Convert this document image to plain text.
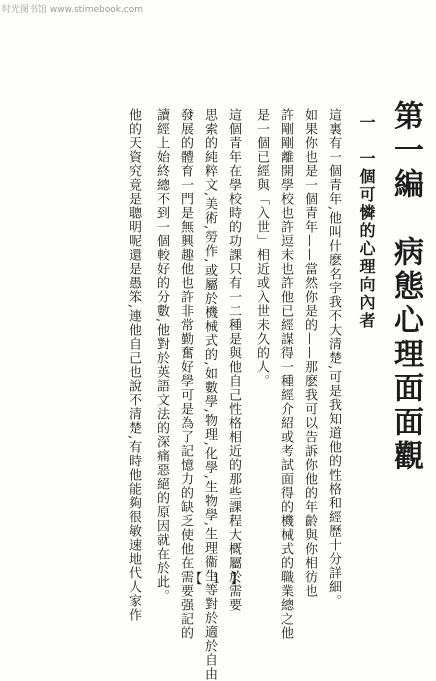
时光图书馆 www.stimebook.com
第一編　病態心理面面觀
一　一個可憐的心理向內者
這裏有一個青年,他叫什麽名字我不大清楚,可是我知道他的性格和經歷十分詳細。
如果你也是一個青年——當然你是的——那麽我可以告訴你他的年齡與你相彷也
許剛剛離開學校也許逗末也許他已經謀得一種經介紹或考試面得的機械式的職業總之他
是一個已經與「入世」相近或入世未久的人。
這個青年在學校時的功課只有一二種是與他自己性格相近的那些課程大概屬於需要
思索的純粹文,美術,勞作,或屬於機械式的,如數學,物理,化學,生物學,生理衞生等對於適於自由
發展的體育一門是無興趣他也許非常勤奮好學可是為了記憶力的缺乏使他在需要强記的
讀經上始終總不到一個較好的分數,他對於英語文法的深痛惡絕的原因就在於此。
他的天資究竟是聰明呢還是愚笨,連他自己也說不清楚,有時他能夠很敏速地代人家作	【 1 】
